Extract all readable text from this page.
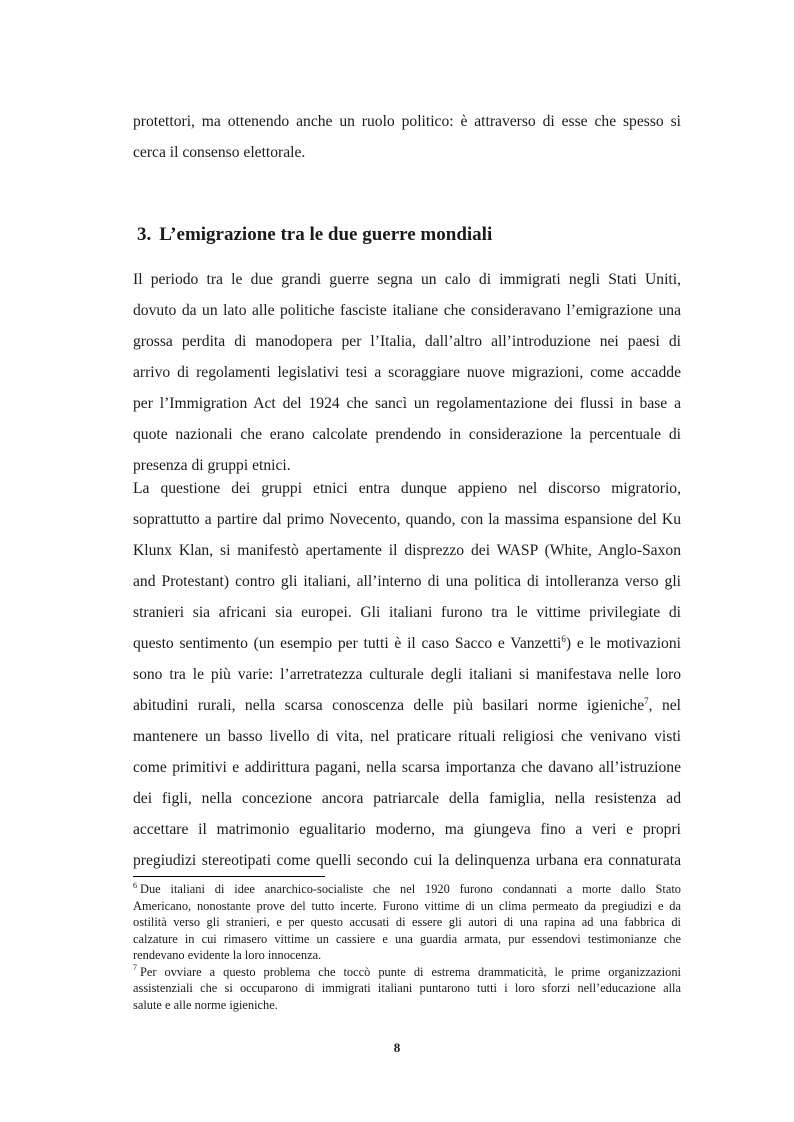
protettori, ma ottenendo anche un ruolo politico: è attraverso di esse che spesso si
cerca il consenso elettorale.
3. L’emigrazione tra le due guerre mondiali
Il periodo tra le due grandi guerre segna un calo di immigrati negli Stati Uniti,
dovuto da un lato alle politiche fasciste italiane che consideravano l’emigrazione una
grossa perdita di manodopera per l’Italia, dall’altro all’introduzione nei paesi di
arrivo di regolamenti legislativi tesi a scoraggiare nuove migrazioni, come accadde
per l’Immigration Act del 1924 che sancì un regolamentazione dei flussi in base a
quote nazionali che erano calcolate prendendo in considerazione la percentuale di
presenza di gruppi etnici.
La questione dei gruppi etnici entra dunque appieno nel discorso migratorio,
soprattutto a partire dal primo Novecento, quando, con la massima espansione del Ku
Klunx Klan, si manifestò apertamente il disprezzo dei WASP (White, Anglo-Saxon
and Protestant) contro gli italiani, all’interno di una politica di intolleranza verso gli
stranieri sia africani sia europei. Gli italiani furono tra le vittime privilegiate di
questo sentimento (un esempio per tutti è il caso Sacco e Vanzetti$^6$) e le motivazioni
sono tra le più varie: l’arretratezza culturale degli italiani si manifestava nelle loro
abitudini rurali, nella scarsa conoscenza delle più basilari norme igieniche$^7$, nel
mantenere un basso livello di vita, nel praticare rituali religiosi che venivano visti
come primitivi e addirittura pagani, nella scarsa importanza che davano all’istruzione
dei figli, nella concezione ancora patriarcale della famiglia, nella resistenza ad
accettare il matrimonio egualitario moderno, ma giungeva fino a veri e propri
pregiudizi stereotipati come quelli secondo cui la delinquenza urbana era connaturata
$^6$ Due italiani di idee anarchico-socialiste che nel 1920 furono condannati a morte dallo Stato
Americano, nonostante prove del tutto incerte. Furono vittime di un clima permeato da pregiudizi e da
ostilità verso gli stranieri, e per questo accusati di essere gli autori di una rapina ad una fabbrica di
calzature in cui rimasero vittime un cassiere e una guardia armata, pur essendovi testimonianze che
rendevano evidente la loro innocenza.
$^7$ Per ovviare a questo problema che toccò punte di estrema drammaticità, le prime organizzazioni
assistenziali che si occuparono di immigrati italiani puntarono tutti i loro sforzi nell’educazione alla
salute e alle norme igieniche.
8
